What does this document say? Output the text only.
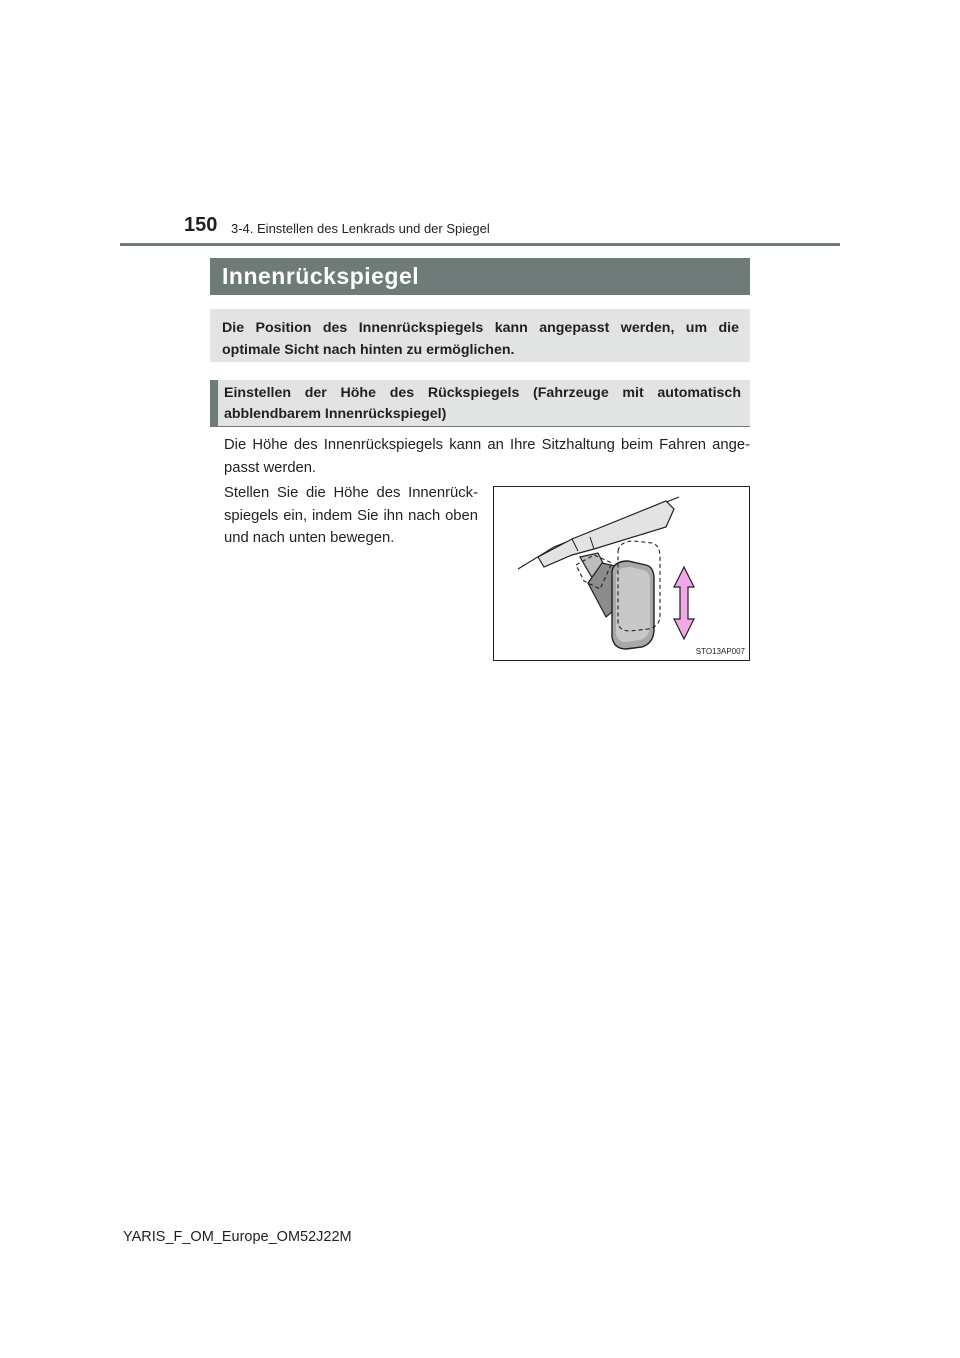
150 3-4. Einstellen des Lenkrads und der Spiegel
Innenrückspiegel
Die Position des Innenrückspiegels kann angepasst werden, um die optimale Sicht nach hinten zu ermöglichen.
Einstellen der Höhe des Rückspiegels (Fahrzeuge mit automatisch abblendbarem Innenrückspiegel)
Die Höhe des Innenrückspiegels kann an Ihre Sitzhaltung beim Fahren ange- passt werden.
Stellen Sie die Höhe des Innenrück- spiegels ein, indem Sie ihn nach oben und nach unten bewegen.
STO13AP007
YARIS_F_OM_Europe_OM52J22M
